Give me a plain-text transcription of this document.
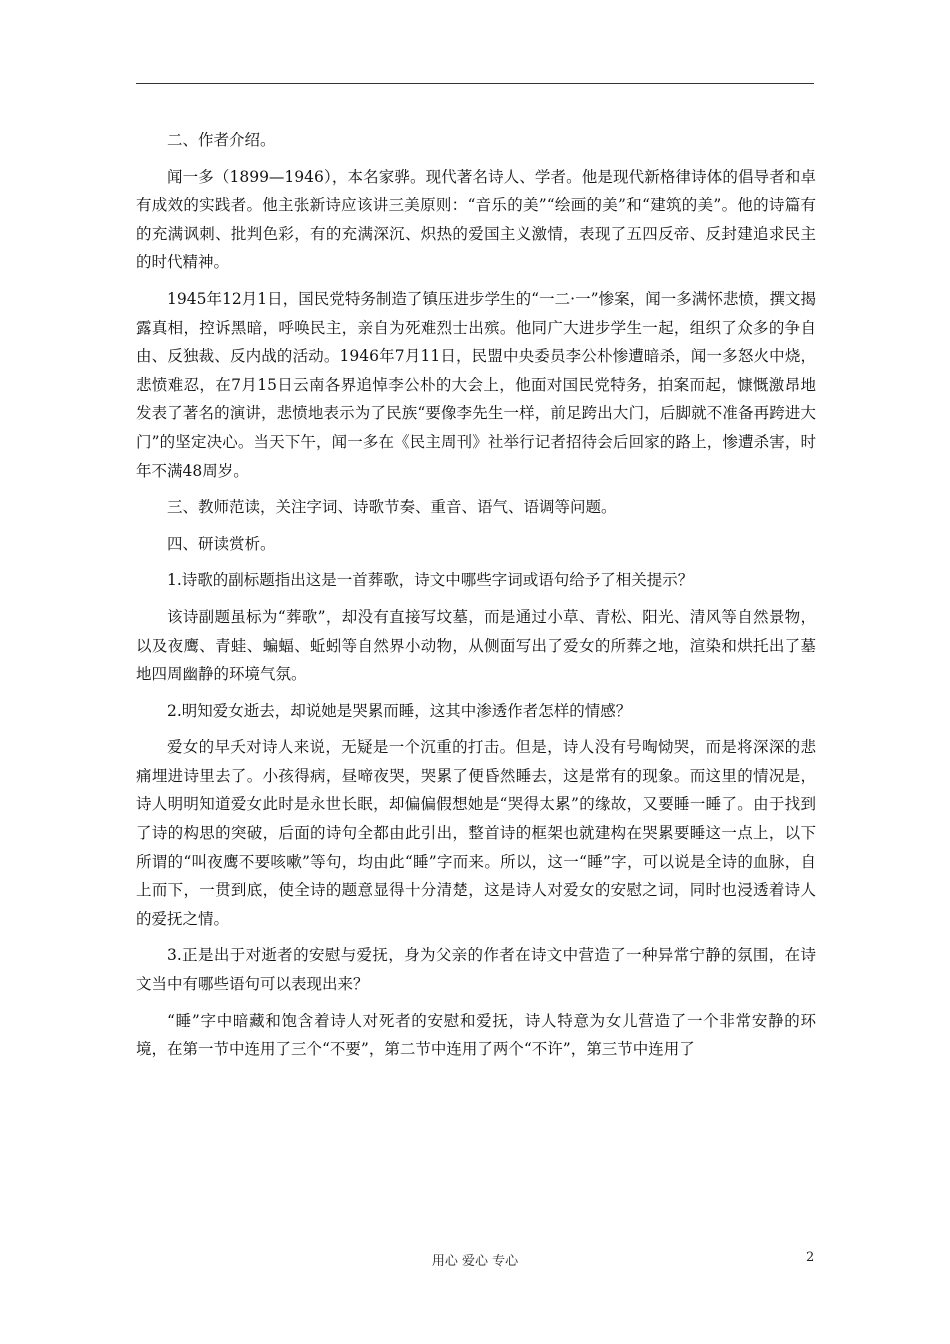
二、作者介绍。

闻一多（1899—1946），本名家骅。现代著名诗人、学者。他是现代新格律诗体的倡导者和卓有成效的实践者。他主张新诗应该讲三美原则：“音乐的美”“绘画的美”和“建筑的美”。他的诗篇有的充满讽刺、批判色彩，有的充满深沉、炽热的爱国主义激情，表现了五四反帝、反封建追求民主的时代精神。

1945年12月1日，国民党特务制造了镇压进步学生的“一二·一”惨案，闻一多满怀悲愤，撰文揭露真相，控诉黑暗，呼唤民主，亲自为死难烈士出殡。他同广大进步学生一起，组织了众多的争自由、反独裁、反内战的活动。1946年7月11日，民盟中央委员李公朴惨遭暗杀，闻一多怒火中烧，悲愤难忍，在7月15日云南各界追悼李公朴的大会上，他面对国民党特务，拍案而起，慷慨激昂地发表了著名的演讲，悲愤地表示为了民族“要像李先生一样，前足跨出大门，后脚就不准备再跨进大门”的坚定决心。当天下午，闻一多在《民主周刊》社举行记者招待会后回家的路上，惨遭杀害，时年不满48周岁。

三、教师范读，关注字词、诗歌节奏、重音、语气、语调等问题。

四、研读赏析。

1.诗歌的副标题指出这是一首葬歌，诗文中哪些字词或语句给予了相关提示？

该诗副题虽标为“葬歌”，却没有直接写坟墓，而是通过小草、青松、阳光、清风等自然景物，以及夜鹰、青蛙、蝙蝠、蚯蚓等自然界小动物，从侧面写出了爱女的所葬之地，渲染和烘托出了墓地四周幽静的环境气氛。

2.明知爱女逝去，却说她是哭累而睡，这其中渗透作者怎样的情感？

爱女的早夭对诗人来说，无疑是一个沉重的打击。但是，诗人没有号啕恸哭，而是将深深的悲痛埋进诗里去了。小孩得病，昼啼夜哭，哭累了便昏然睡去，这是常有的现象。而这里的情况是，诗人明明知道爱女此时是永世长眠，却偏偏假想她是“哭得太累”的缘故，又要睡一睡了。由于找到了诗的构思的突破，后面的诗句全都由此引出，整首诗的框架也就建构在哭累要睡这一点上，以下所谓的“叫夜鹰不要咳嗽”等句，均由此“睡”字而来。所以，这一“睡”字，可以说是全诗的血脉，自上而下，一贯到底，使全诗的题意显得十分清楚，这是诗人对爱女的安慰之词，同时也浸透着诗人的爱抚之情。

3.正是出于对逝者的安慰与爱抚，身为父亲的作者在诗文中营造了一种异常宁静的氛围，在诗文当中有哪些语句可以表现出来？

“睡”字中暗藏和饱含着诗人对死者的安慰和爱抚，诗人特意为女儿营造了一个非常安静的环境，在第一节中连用了三个“不要”，第二节中连用了两个“不许”，第三节中连用了

用心 爱心 专心	2
